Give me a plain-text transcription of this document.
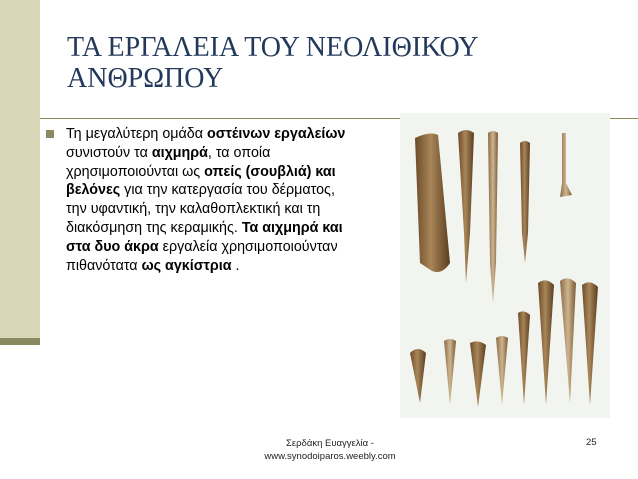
ΤΑ ΕΡΓΑΛΕΙΑ ΤΟΥ ΝΕΟΛΙΘΙΚΟΥ
ΑΝΘΡΩΠΟΥ

Τη μεγαλύτερη ομάδα οστέινων εργαλείων συνιστούν τα αιχμηρά, τα οποία χρησιμοποιούνται ως οπείς (σουβλιά) και βελόνες για την κατεργασία του δέρματος, την υφαντική, την καλαθοπλεκτική και τη διακόσμηση της κεραμικής. Τα αιχμηρά και στα δυο άκρα εργαλεία χρησιμοποιούνταν πιθανότατα ως αγκίστρια .

Σερδάκη Ευαγγελία -
www.synodoiparos.weebly.com
25
